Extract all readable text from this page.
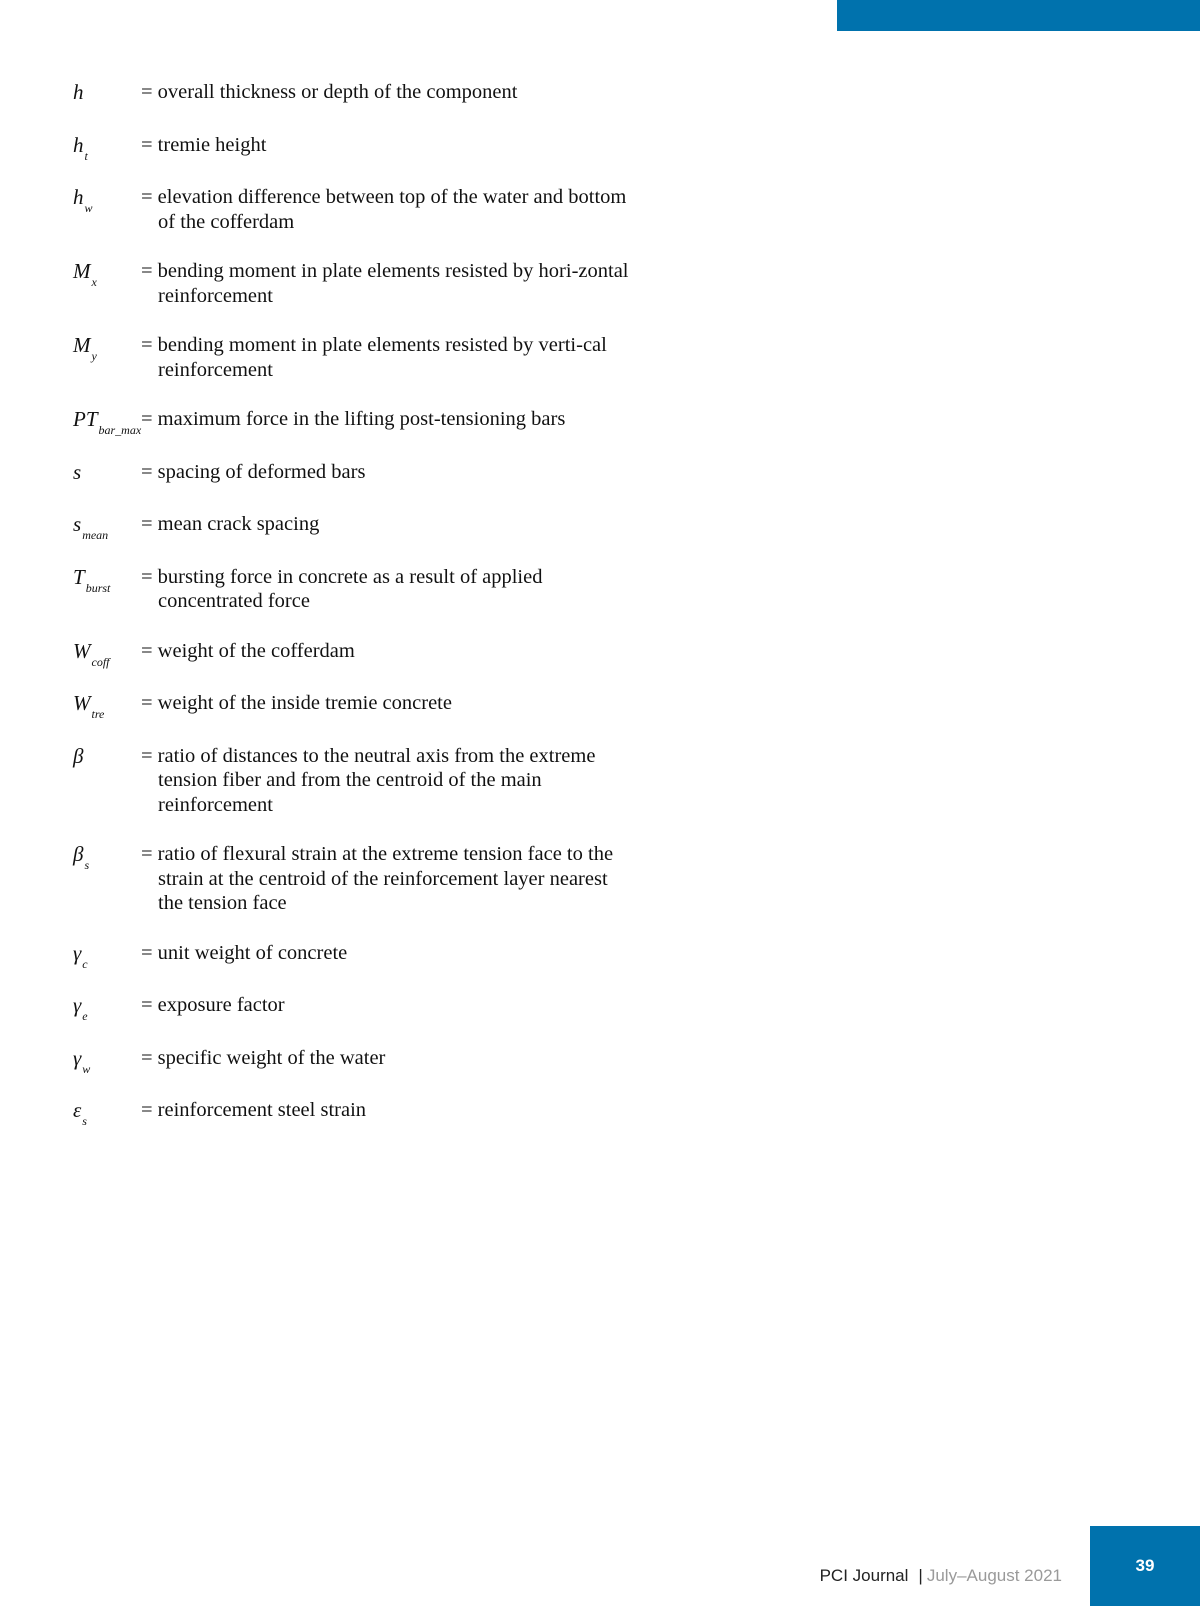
h	= overall thickness or depth of the component
$h_t$	= tremie height
$h_w$	= elevation difference between top of the water and bottom of the cofferdam
$M_x$	= bending moment in plate elements resisted by hori-zontal reinforcement
$M_y$	= bending moment in plate elements resisted by verti-cal reinforcement
$PT_{bar\_max}$ = maximum force in the lifting post-tensioning bars
s	= spacing of deformed bars
$s_{mean}$	= mean crack spacing
$T_{burst}$	= bursting force in concrete as a result of applied concentrated force
$W_{coff}$	= weight of the cofferdam
$W_{tre}$	= weight of the inside tremie concrete
β	= ratio of distances to the neutral axis from the extreme tension fiber and from the centroid of the main reinforcement
$\beta_s$	= ratio of flexural strain at the extreme tension face to the strain at the centroid of the reinforcement layer nearest the tension face
$\gamma_c$	= unit weight of concrete
$\gamma_e$	= exposure factor
$\gamma_w$	= specific weight of the water
$\varepsilon_s$	= reinforcement steel strain
PCI Journal | July–August 2021
39
